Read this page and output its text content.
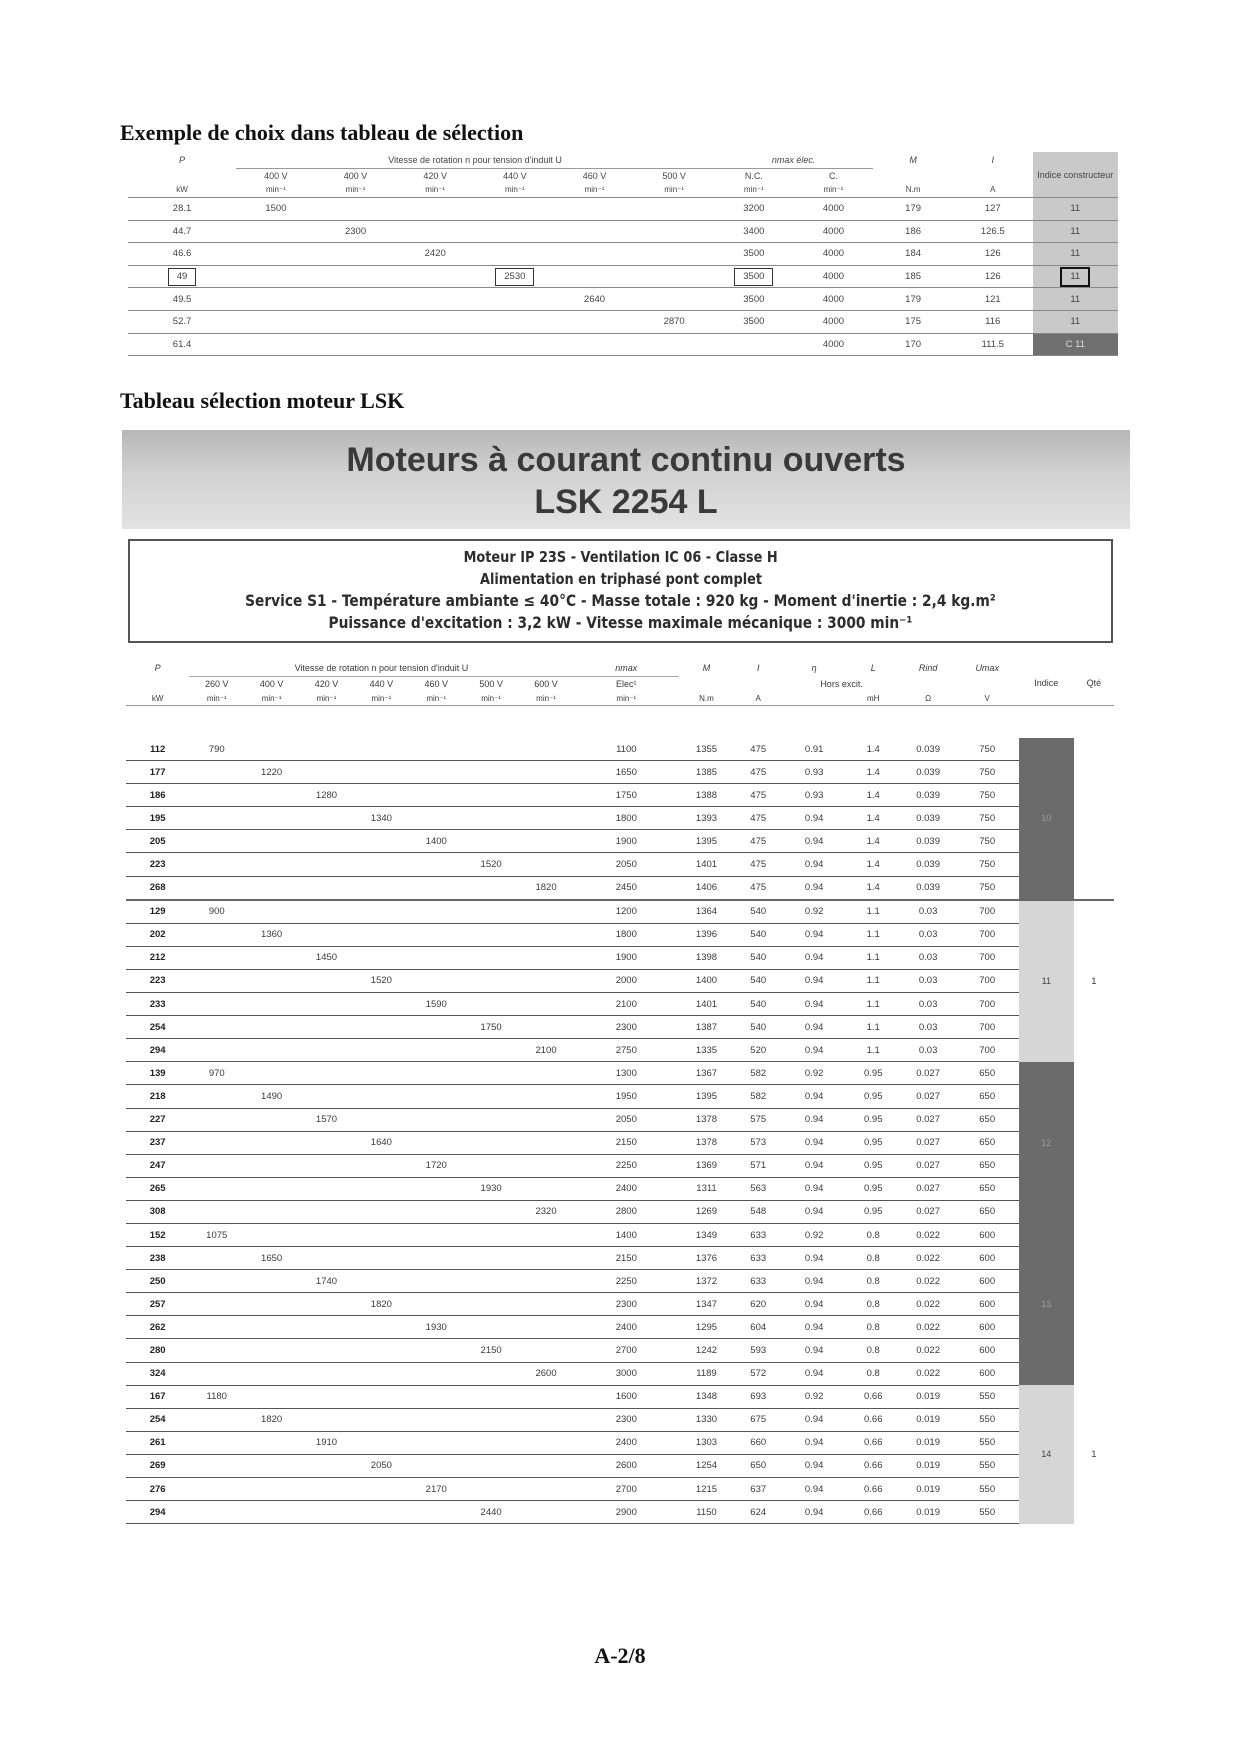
Exemple de choix dans tableau de sélection
P	Vitesse de rotation n pour tension d'induit U						nmax élec.		M	I	Indice constructeur
	400 V	400 V	420 V	440 V	460 V	500 V	N.C.	C.			
kW	min⁻¹	min⁻¹	min⁻¹	min⁻¹	min⁻¹	min⁻¹	min⁻¹	min⁻¹	N.m	A	
28.1	1500						3200	4000	179	127	11
44.7		2300					3400	4000	186	126.5	11
46.6			2420				3500	4000	184	126	11
49				2530			3500	4000	185	126	11
49.5					2640		3500	4000	179	121	11
52.7						2870	3500	4000	175	116	11
61.4								4000	170	111.5	C 11
Tableau sélection moteur LSK
Moteurs à courant continu ouverts
LSK 2254 L
Moteur IP 23S - Ventilation IC 06 - Classe H
Alimentation en triphasé pont complet
Service S1 - Température ambiante ≤ 40°C - Masse totale : 920 kg - Moment d'inertie : 2,4 kg.m²
Puissance d'excitation : 3,2 kW - Vitesse maximale mécanique : 3000 min⁻¹
P	Vitesse de rotation n pour tension d'induit U							nmax	M	I	η	L	Rind	Umax	Indice	Qté
	260 V	400 V	420 V	440 V	460 V	500 V	600 V	Elec¹			Hors excit.					
kW	min⁻¹	min⁻¹	min⁻¹	min⁻¹	min⁻¹	min⁻¹	min⁻¹	min⁻¹	N.m	A		mH	Ω	V		

112	790							1100	1355	475	0.91	1.4	0.039	750	10	
177		1220						1650	1385	475	0.93	1.4	0.039	750		
186			1280					1750	1388	475	0.93	1.4	0.039	750		
195				1340				1800	1393	475	0.94	1.4	0.039	750		
205					1400			1900	1395	475	0.94	1.4	0.039	750		
223						1520		2050	1401	475	0.94	1.4	0.039	750		
268							1820	2450	1406	475	0.94	1.4	0.039	750		
129	900							1200	1364	540	0.92	1.1	0.03	700	11	1
202		1360						1800	1396	540	0.94	1.1	0.03	700		
212			1450					1900	1398	540	0.94	1.1	0.03	700		
223				1520				2000	1400	540	0.94	1.1	0.03	700		
233					1590			2100	1401	540	0.94	1.1	0.03	700		
254						1750		2300	1387	540	0.94	1.1	0.03	700		
294							2100	2750	1335	520	0.94	1.1	0.03	700		
139	970							1300	1367	582	0.92	0.95	0.027	650	12	
218		1490						1950	1395	582	0.94	0.95	0.027	650		
227			1570					2050	1378	575	0.94	0.95	0.027	650		
237				1640				2150	1378	573	0.94	0.95	0.027	650		
247					1720			2250	1369	571	0.94	0.95	0.027	650		
265						1930		2400	1311	563	0.94	0.95	0.027	650		
308							2320	2800	1269	548	0.94	0.95	0.027	650		
152	1075							1400	1349	633	0.92	0.8	0.022	600	13	
238		1650						2150	1376	633	0.94	0.8	0.022	600		
250			1740					2250	1372	633	0.94	0.8	0.022	600		
257				1820				2300	1347	620	0.94	0.8	0.022	600		
262					1930			2400	1295	604	0.94	0.8	0.022	600		
280						2150		2700	1242	593	0.94	0.8	0.022	600		
324							2600	3000	1189	572	0.94	0.8	0.022	600		
167	1180							1600	1348	693	0.92	0.66	0.019	550	14	1
254		1820						2300	1330	675	0.94	0.66	0.019	550		
261			1910					2400	1303	660	0.94	0.66	0.019	550		
269				2050				2600	1254	650	0.94	0.66	0.019	550		
276					2170			2700	1215	637	0.94	0.66	0.019	550		
294						2440		2900	1150	624	0.94	0.66	0.019	550		
A-2/8
